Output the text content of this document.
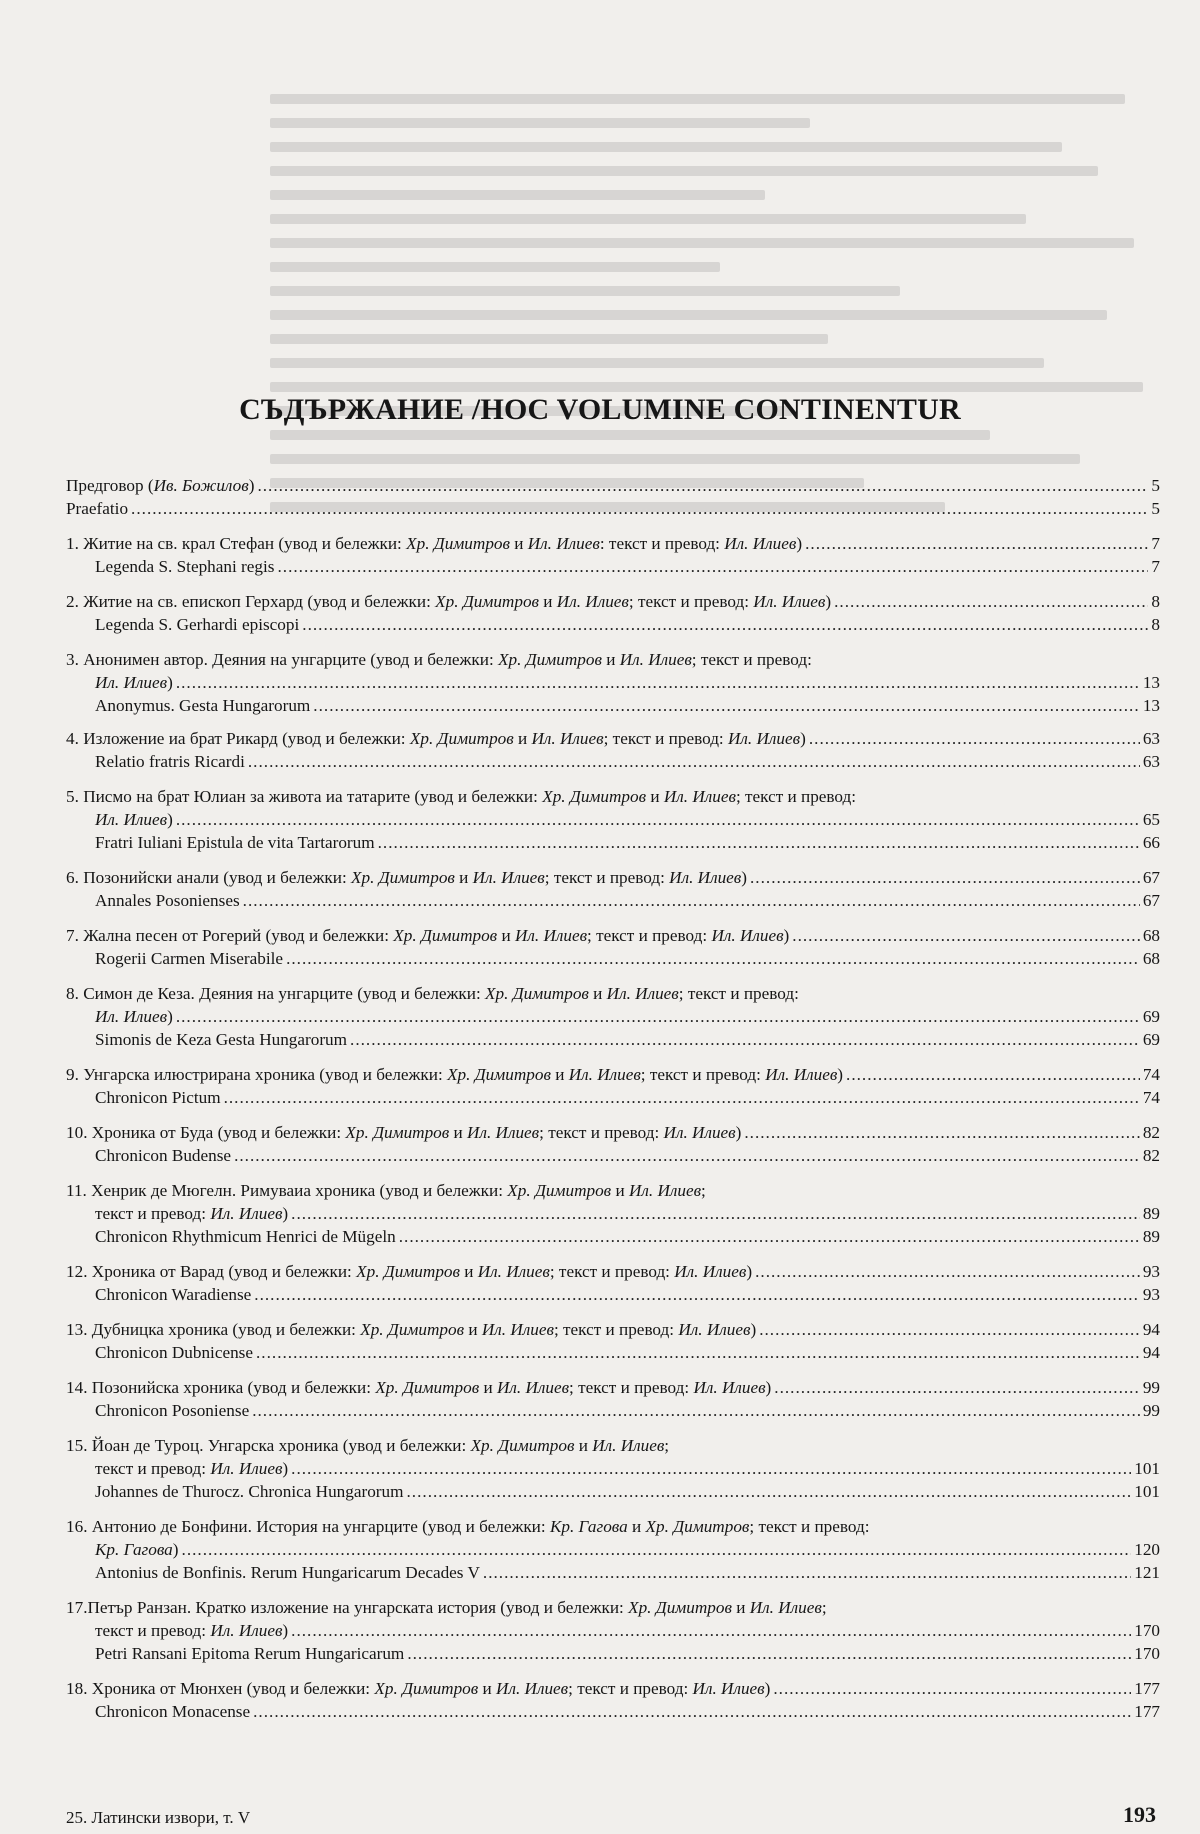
СЪДЪРЖАНИЕ /HOC VOLUMINE CONTINENTUR
Предговор (Ив. Божилов) .....	5
Praefatio .....	5
1. Житие на св. крал Стефан (увод и бележки: Хр. Димитров и Ил. Илиев: текст и превод: Ил. Илиев) .....	7
Legenda S. Stephani regis .....	7
2. Житие на св. епископ Герхард (увод и бележки: Хр. Димитров и Ил. Илиев; текст и превод: Ил. Илиев) .....	8
Legenda S. Gerhardi episcopi .....	8
3. Анонимен автор. Деяния на унгарците (увод и бележки: Хр. Димитров и Ил. Илиев; текст и превод:
Ил. Илиев) .....	13
Anonymus. Gesta Hungarorum .....	13
4. Изложение иа брат Рикард (увод и бележки: Хр. Димитров и Ил. Илиев; текст и превод: Ил. Илиев) .....	63
Relatio fratris Ricardi .....	63
5. Писмо на брат Юлиан за живота иа татарите (увод и бележки: Хр. Димитров и Ил. Илиев; текст и превод:
Ил. Илиев) .....	65
Fratri Iuliani Epistula de vita Tartarorum .....	66
6. Позонийски анали (увод и бележки: Хр. Димитров и Ил. Илиев; текст и превод: Ил. Илиев) .....	67
Annales Posonienses .....	67
7. Жална песен от Рогерий (увод и бележки: Хр. Димитров и Ил. Илиев; текст и превод: Ил. Илиев) .....	68
Rogerii Carmen Miserabile .....	68
8. Симон де Кеза. Деяния на унгарците (увод и бележки: Хр. Димитров и Ил. Илиев; текст и превод:
Ил. Илиев) .....	69
Simonis de Keza Gesta Hungarorum .....	69
9. Унгарска илюстрирана хроника (увод и бележки: Хр. Димитров и Ил. Илиев; текст и превод: Ил. Илиев) .....	74
Chronicon Pictum .....	74
10. Хроника от Буда (увод и бележки: Хр. Димитров и Ил. Илиев; текст и превод: Ил. Илиев) .....	82
Chronicon Budense .....	82
11. Хенрик де Мюгелн. Римуваиа хроника (увод и бележки: Хр. Димитров и Ил. Илиев;
текст и превод: Ил. Илиев) .....	89
Chronicon Rhythmicum Henrici de Mügeln .....	89
12. Хроника от Варад (увод и бележки: Хр. Димитров и Ил. Илиев; текст и превод: Ил. Илиев) .....	93
Chronicon Waradiense .....	93
13. Дубницка хроника (увод и бележки: Хр. Димитров и Ил. Илиев; текст и превод: Ил. Илиев) .....	94
Chronicon Dubnicense .....	94
14. Позонийска хроника (увод и бележки: Хр. Димитров и Ил. Илиев; текст и превод: Ил. Илиев) .....	99
Chronicon Posoniense .....	99
15. Йоан де Туроц. Унгарска хроника (увод и бележки: Хр. Димитров и Ил. Илиев;
текст и превод: Ил. Илиев) .....	101
Johannes de Thurocz. Chronica Hungarorum .....	101
16. Антонио де Бонфини. История на унгарците (увод и бележки: Кр. Гагова и Хр. Димитров; текст и превод:
Кр. Гагова) .....	120
Antonius de Bonfinis. Rerum Hungaricarum Decades V .....	121
17.Петър Ранзан. Кратко изложение на унгарската история (увод и бележки: Хр. Димитров и Ил. Илиев;
текст и превод: Ил. Илиев) .....	170
Petri Ransani Epitoma Rerum Hungaricarum .....	170
18. Хроника от Мюнхен (увод и бележки: Хр. Димитров и Ил. Илиев; текст и превод: Ил. Илиев) .....	177
Chronicon Monacense .....	177
25. Латински извори, т. V	193
